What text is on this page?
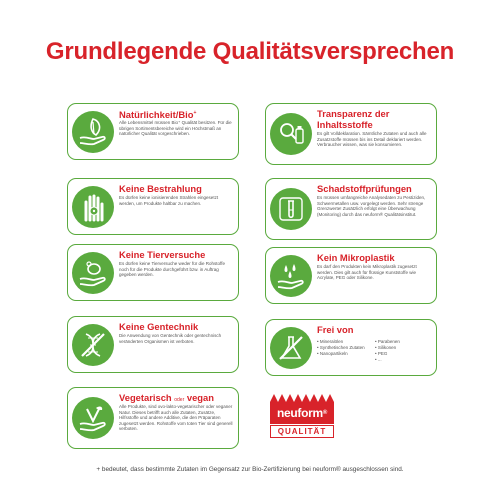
Grundlegende Qualitätsversprechen
Natürlichkeit/Bio+
Alle Lebensmittel müssen Bio⁺ Qualität besitzen. Für die übrigen Sortimentsbereiche wird ein Höchstmaß an natürlicher Qualität vorgeschrieben.
Keine Bestrahlung
Es dürfen keine ionisierenden Strahlen eingesetzt werden, um Produkte haltbar zu machen.
Keine Tierversuche
Es dürfen keine Tierversuche weder für die Rohstoffe noch für die Produkte durchgeführt bzw. in Auftrag gegeben werden.
Keine Gentechnik
Die Anwendung von Gentechnik oder gentechnisch veränderten Organismen ist verboten.
Vegetarisch oder vegan
Alle Produkte, sind ovo-lakto-vegetarischer oder veganer Natur. Dieses betrifft auch alle Zutaten, Zusätze, Hilfsstoffe und andere Additive, die den Präparaten zugesetzt werden. Rohstoffe vom toten Tier sind generell verboten.
Transparenz der
Inhaltsstoffe
Es gilt Volldeklaration. Sämtliche Zutaten und auch alle Zusatzstoffe müssen bis ins Detail deklariert werden. Verbraucher wissen, was sie konsumieren.
Schadstoffprüfungen
Es müssen umfangreiche Analysedaten zu Pestiziden, Schwermetallen usw. vorgelegt werden. Sehr strenge Grenzwerte! Zusätzlich erfolgt eine Überwachung (Monitoring) durch das neuform® Qualitätsinstitut.
Kein Mikroplastik
Es darf den Produkten kein Mikroplastik zugesetzt werden. Dies gilt auch für flüssige Kunststoffe wie Acrylate, PEG oder Silikone.
Frei von
• Mineralölen
• Synthetischen Zutaten
• Nanopartikeln
• Parabenen
• Silikonen
• PEG
• ...
neuform®
QUALITÄT
+ bedeutet, dass bestimmte Zutaten im Gegensatz zur Bio-Zertifizierung bei neuform® ausgeschlossen sind.
